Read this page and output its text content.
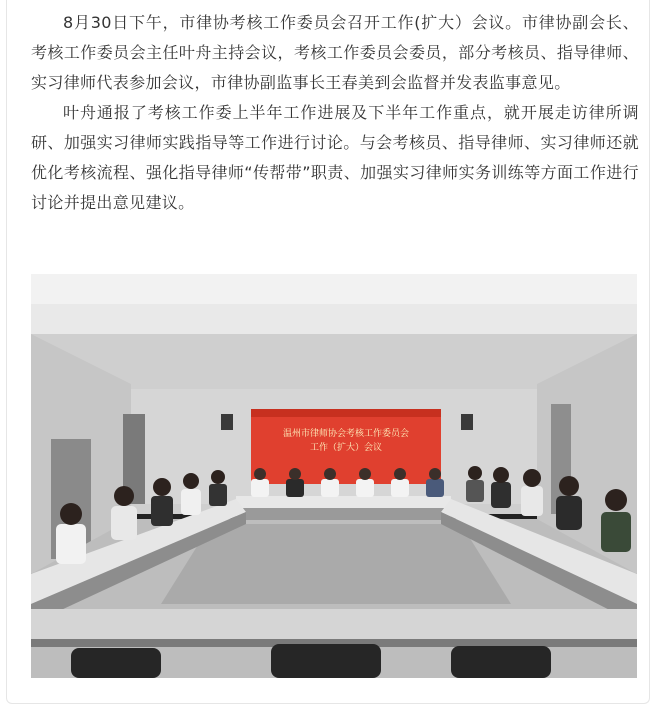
8月30日下午，市律协考核工作委员会召开工作(扩大）会议。市律协副会长、考核工作委员会主任叶舟主持会议，考核工作委员会委员，部分考核员、指导律师、实习律师代表参加会议，市律协副监事长王春美到会监督并发表监事意见。

叶舟通报了考核工作委上半年工作进展及下半年工作重点，就开展走访律所调研、加强实习律师实践指导等工作进行讨论。与会考核员、指导律师、实习律师还就优化考核流程、强化指导律师“传帮带”职责、加强实习律师实务训练等方面工作进行讨论并提出意见建议。

温州市律师协会考核工作委员会
工作（扩大）会议
